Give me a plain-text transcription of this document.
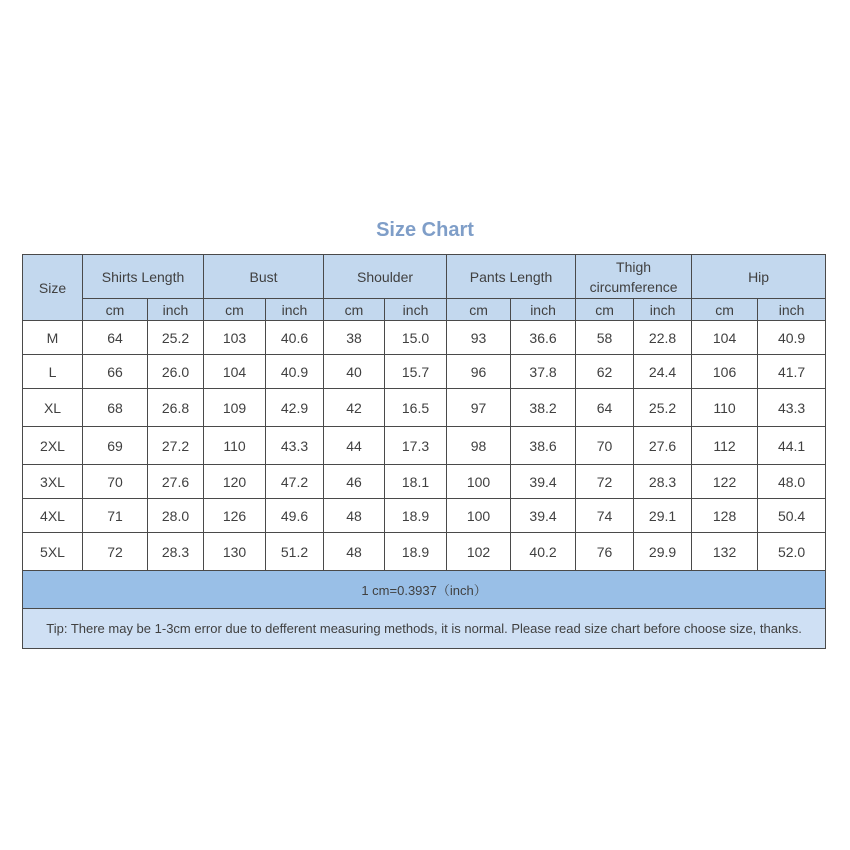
Size Chart
Size	Shirts Length		Bust		Shoulder		Pants Length		Thigh circumference		Hip	
	cm	inch	cm	inch	cm	inch	cm	inch	cm	inch	cm	inch
M	64	25.2	103	40.6	38	15.0	93	36.6	58	22.8	104	40.9
L	66	26.0	104	40.9	40	15.7	96	37.8	62	24.4	106	41.7
XL	68	26.8	109	42.9	42	16.5	97	38.2	64	25.2	110	43.3
2XL	69	27.2	110	43.3	44	17.3	98	38.6	70	27.6	112	44.1
3XL	70	27.6	120	47.2	46	18.1	100	39.4	72	28.3	122	48.0
4XL	71	28.0	126	49.6	48	18.9	100	39.4	74	29.1	128	50.4
5XL	72	28.3	130	51.2	48	18.9	102	40.2	76	29.9	132	52.0
1 cm=0.3937（inch）												
Tip: There may be 1-3cm error due to defferent measuring methods, it is normal. Please read size chart before choose size, thanks.												
